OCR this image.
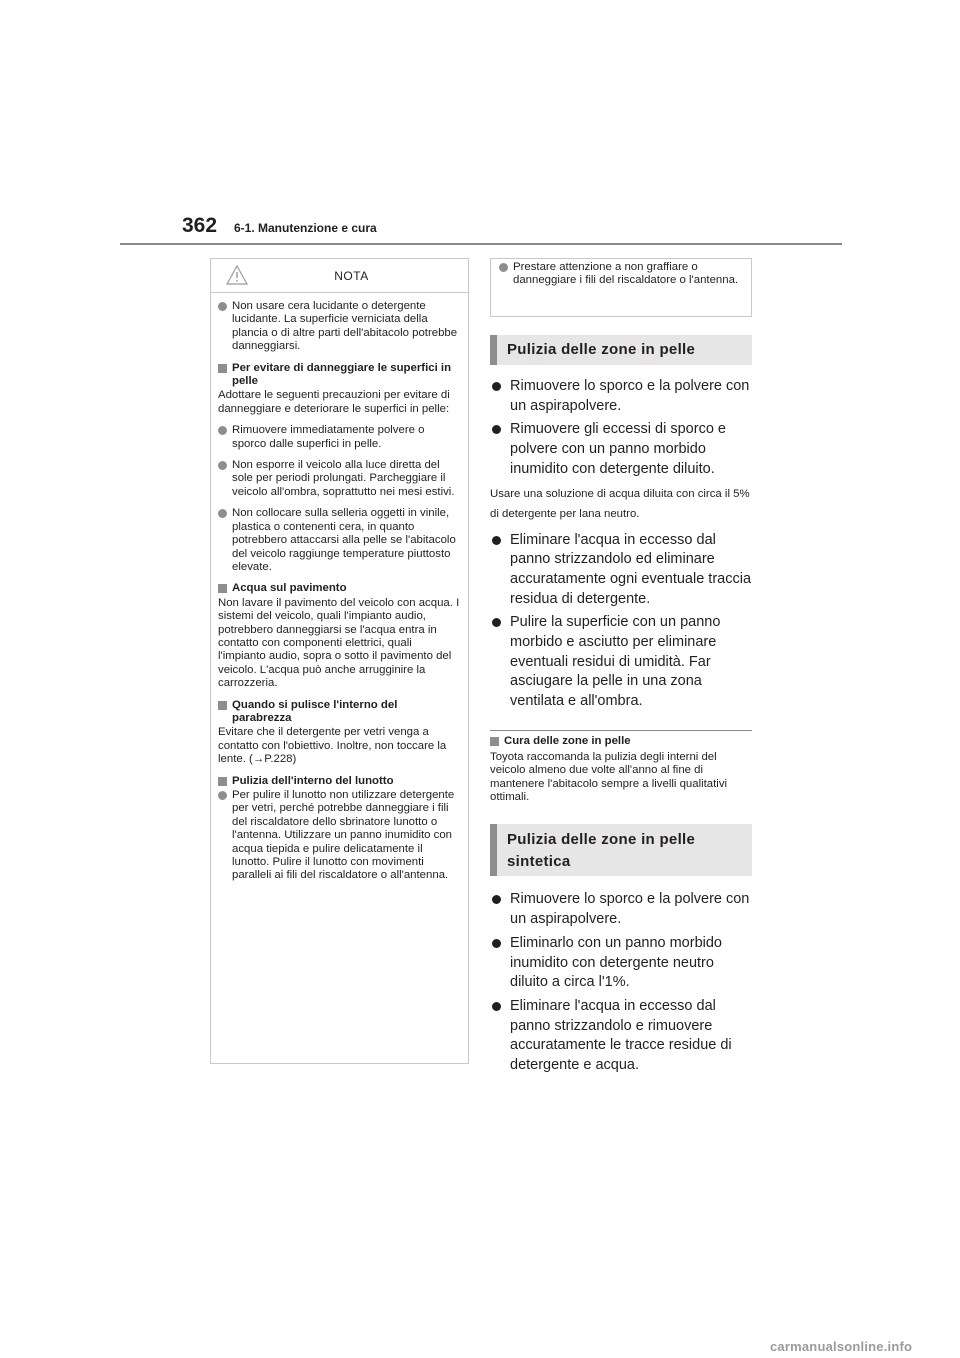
362 6-1. Manutenzione e cura
NOTA
Non usare cera lucidante o detergente lucidante. La superficie verniciata della plancia o di altre parti dell'abitacolo potrebbe danneggiarsi.
Per evitare di danneggiare le superfici in pelle
Adottare le seguenti precauzioni per evitare di danneggiare e deteriorare le superfici in pelle:
Rimuovere immediatamente polvere o sporco dalle superfici in pelle.
Non esporre il veicolo alla luce diretta del sole per periodi prolungati. Parcheggiare il veicolo all'ombra, soprattutto nei mesi estivi.
Non collocare sulla selleria oggetti in vinile, plastica o contenenti cera, in quanto potrebbero attaccarsi alla pelle se l'abitacolo del veicolo raggiunge temperature piuttosto elevate.
Acqua sul pavimento
Non lavare il pavimento del veicolo con acqua. I sistemi del veicolo, quali l'impianto audio, potrebbero danneggiarsi se l'acqua entra in contatto con componenti elettrici, quali l'impianto audio, sopra o sotto il pavimento del veicolo. L'acqua può anche arrugginire la carrozzeria.
Quando si pulisce l'interno del parabrezza
Evitare che il detergente per vetri venga a contatto con l'obiettivo. Inoltre, non toccare la lente. (→P.228)
Pulizia dell'interno del lunotto
Per pulire il lunotto non utilizzare detergente per vetri, perché potrebbe danneggiare i fili del riscaldatore dello sbrinatore lunotto o l'antenna. Utilizzare un panno inumidito con acqua tiepida e pulire delicatamente il lunotto. Pulire il lunotto con movimenti paralleli ai fili del riscaldatore o all'antenna.
Prestare attenzione a non graffiare o danneggiare i fili del riscaldatore o l'antenna.
Pulizia delle zone in pelle
Rimuovere lo sporco e la polvere con un aspirapolvere.
Rimuovere gli eccessi di sporco e polvere con un panno morbido inumidito con detergente diluito.
Usare una soluzione di acqua diluita con circa il 5% di detergente per lana neutro.
Eliminare l'acqua in eccesso dal panno strizzandolo ed eliminare accuratamente ogni eventuale traccia residua di detergente.
Pulire la superficie con un panno morbido e asciutto per eliminare eventuali residui di umidità. Far asciugare la pelle in una zona ventilata e all'ombra.
Cura delle zone in pelle
Toyota raccomanda la pulizia degli interni del veicolo almeno due volte all'anno al fine di mantenere l'abitacolo sempre a livelli qualitativi ottimali.
Pulizia delle zone in pelle sintetica
Rimuovere lo sporco e la polvere con un aspirapolvere.
Eliminarlo con un panno morbido inumidito con detergente neutro diluito a circa l'1%.
Eliminare l'acqua in eccesso dal panno strizzandolo e rimuovere accuratamente le tracce residue di detergente e acqua.
carmanualsonline.info
